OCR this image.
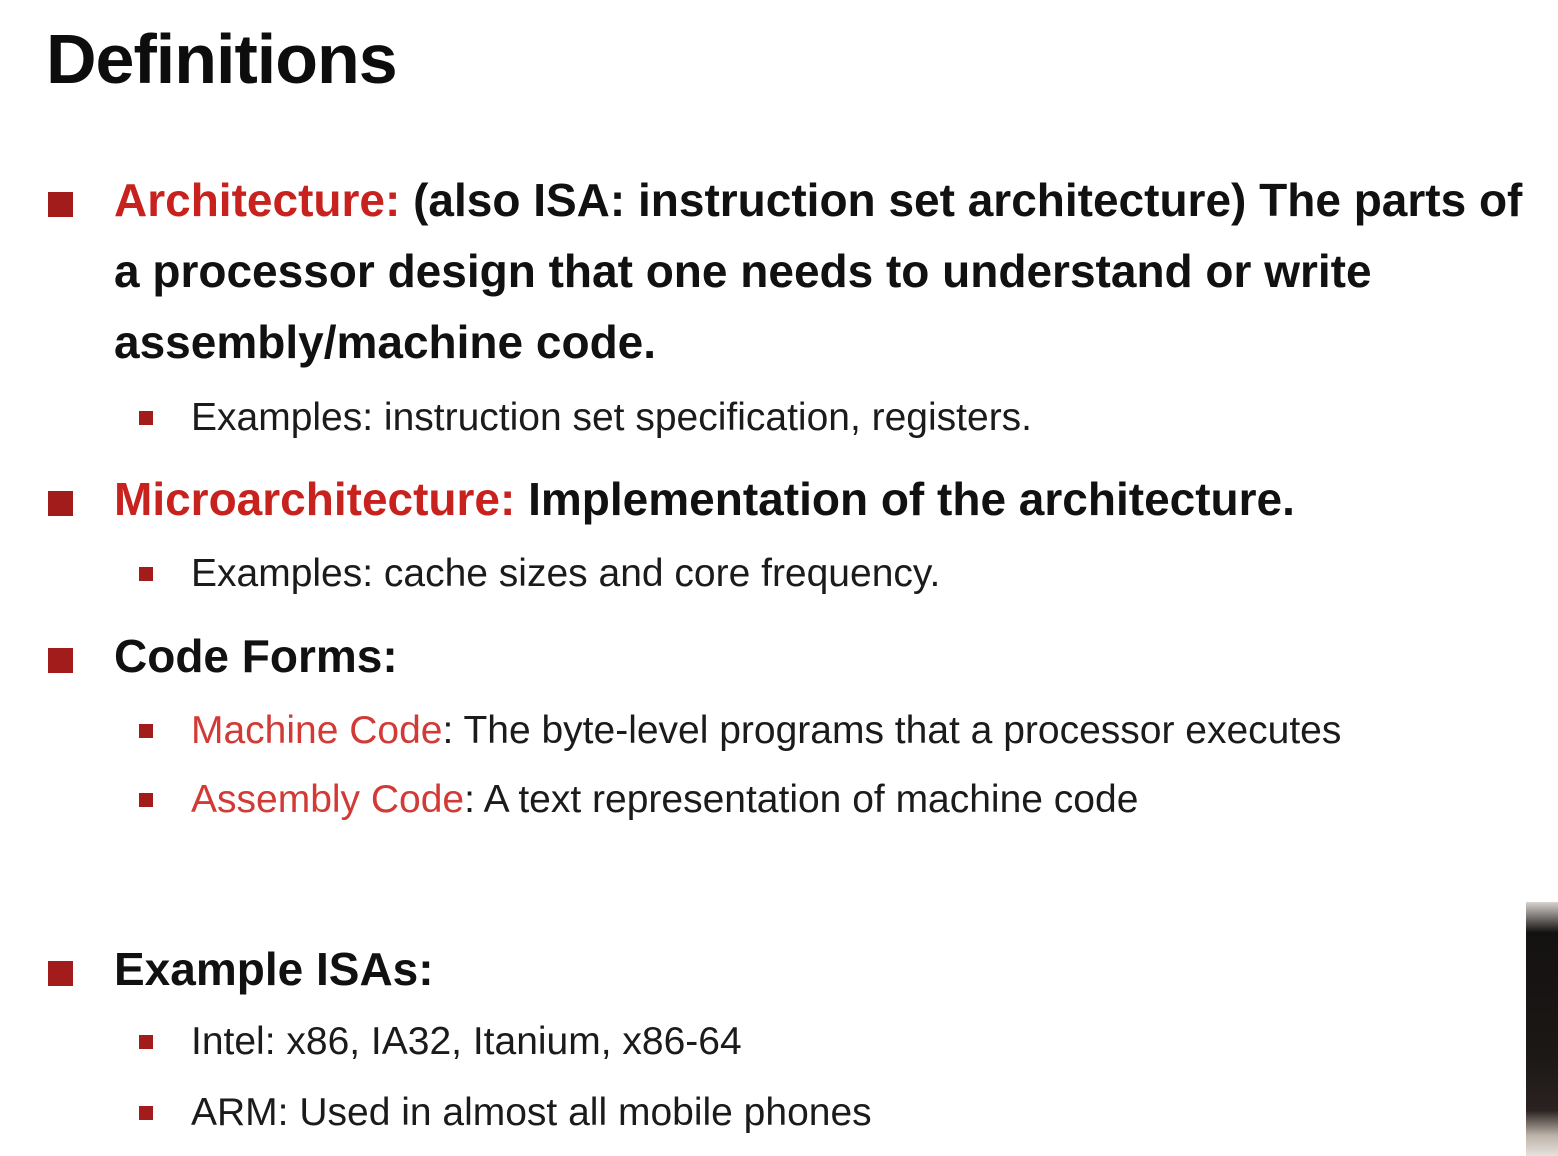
Definitions
Architecture: (also ISA: instruction set architecture) The parts of a processor design that one needs to understand or write assembly/machine code.
Examples: instruction set specification, registers.
Microarchitecture: Implementation of the architecture.
Examples: cache sizes and core frequency.
Code Forms:
Machine Code: The byte-level programs that a processor executes
Assembly Code: A text representation of machine code
Example ISAs:
Intel: x86, IA32, Itanium, x86-64
ARM: Used in almost all mobile phones
